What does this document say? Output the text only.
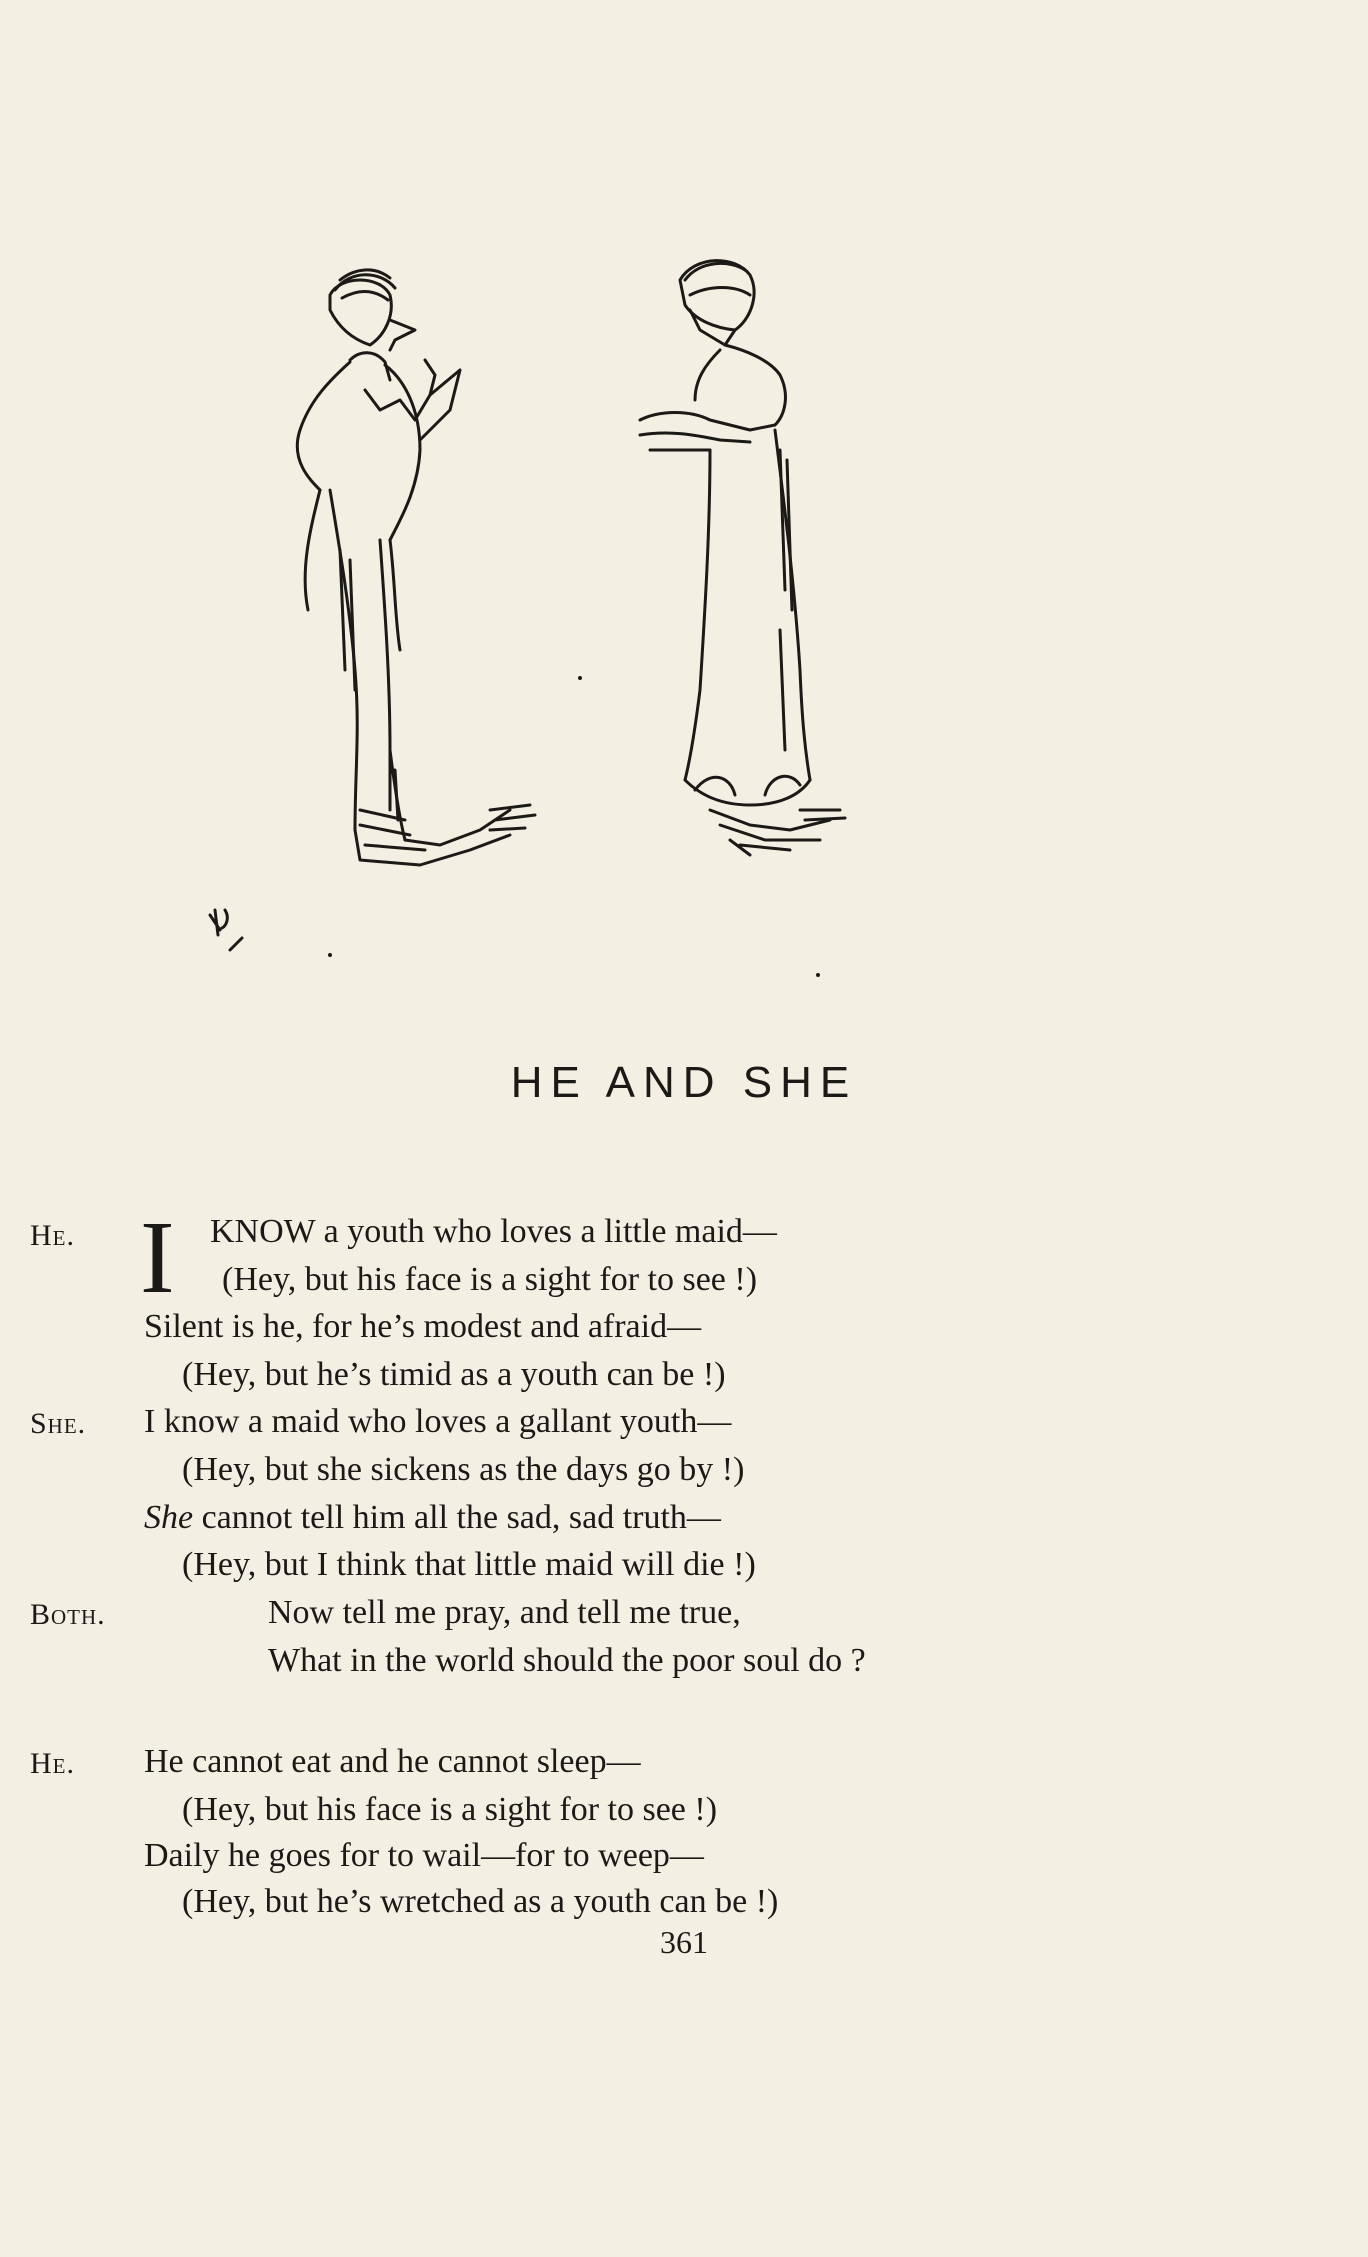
HE AND SHE
He. I KNOW a youth who loves a little maid—
(Hey, but his face is a sight for to see !)
Silent is he, for he’s modest and afraid—
(Hey, but he’s timid as a youth can be !)
She. I know a maid who loves a gallant youth—
(Hey, but she sickens as the days go by !)
She cannot tell him all the sad, sad truth—
(Hey, but I think that little maid will die !)
Both.	Now tell me pray, and tell me true,
What in the world should the poor soul do ?
He. He cannot eat and he cannot sleep—
(Hey, but his face is a sight for to see !)
Daily he goes for to wail—for to weep—
(Hey, but he’s wretched as a youth can be !)
361
